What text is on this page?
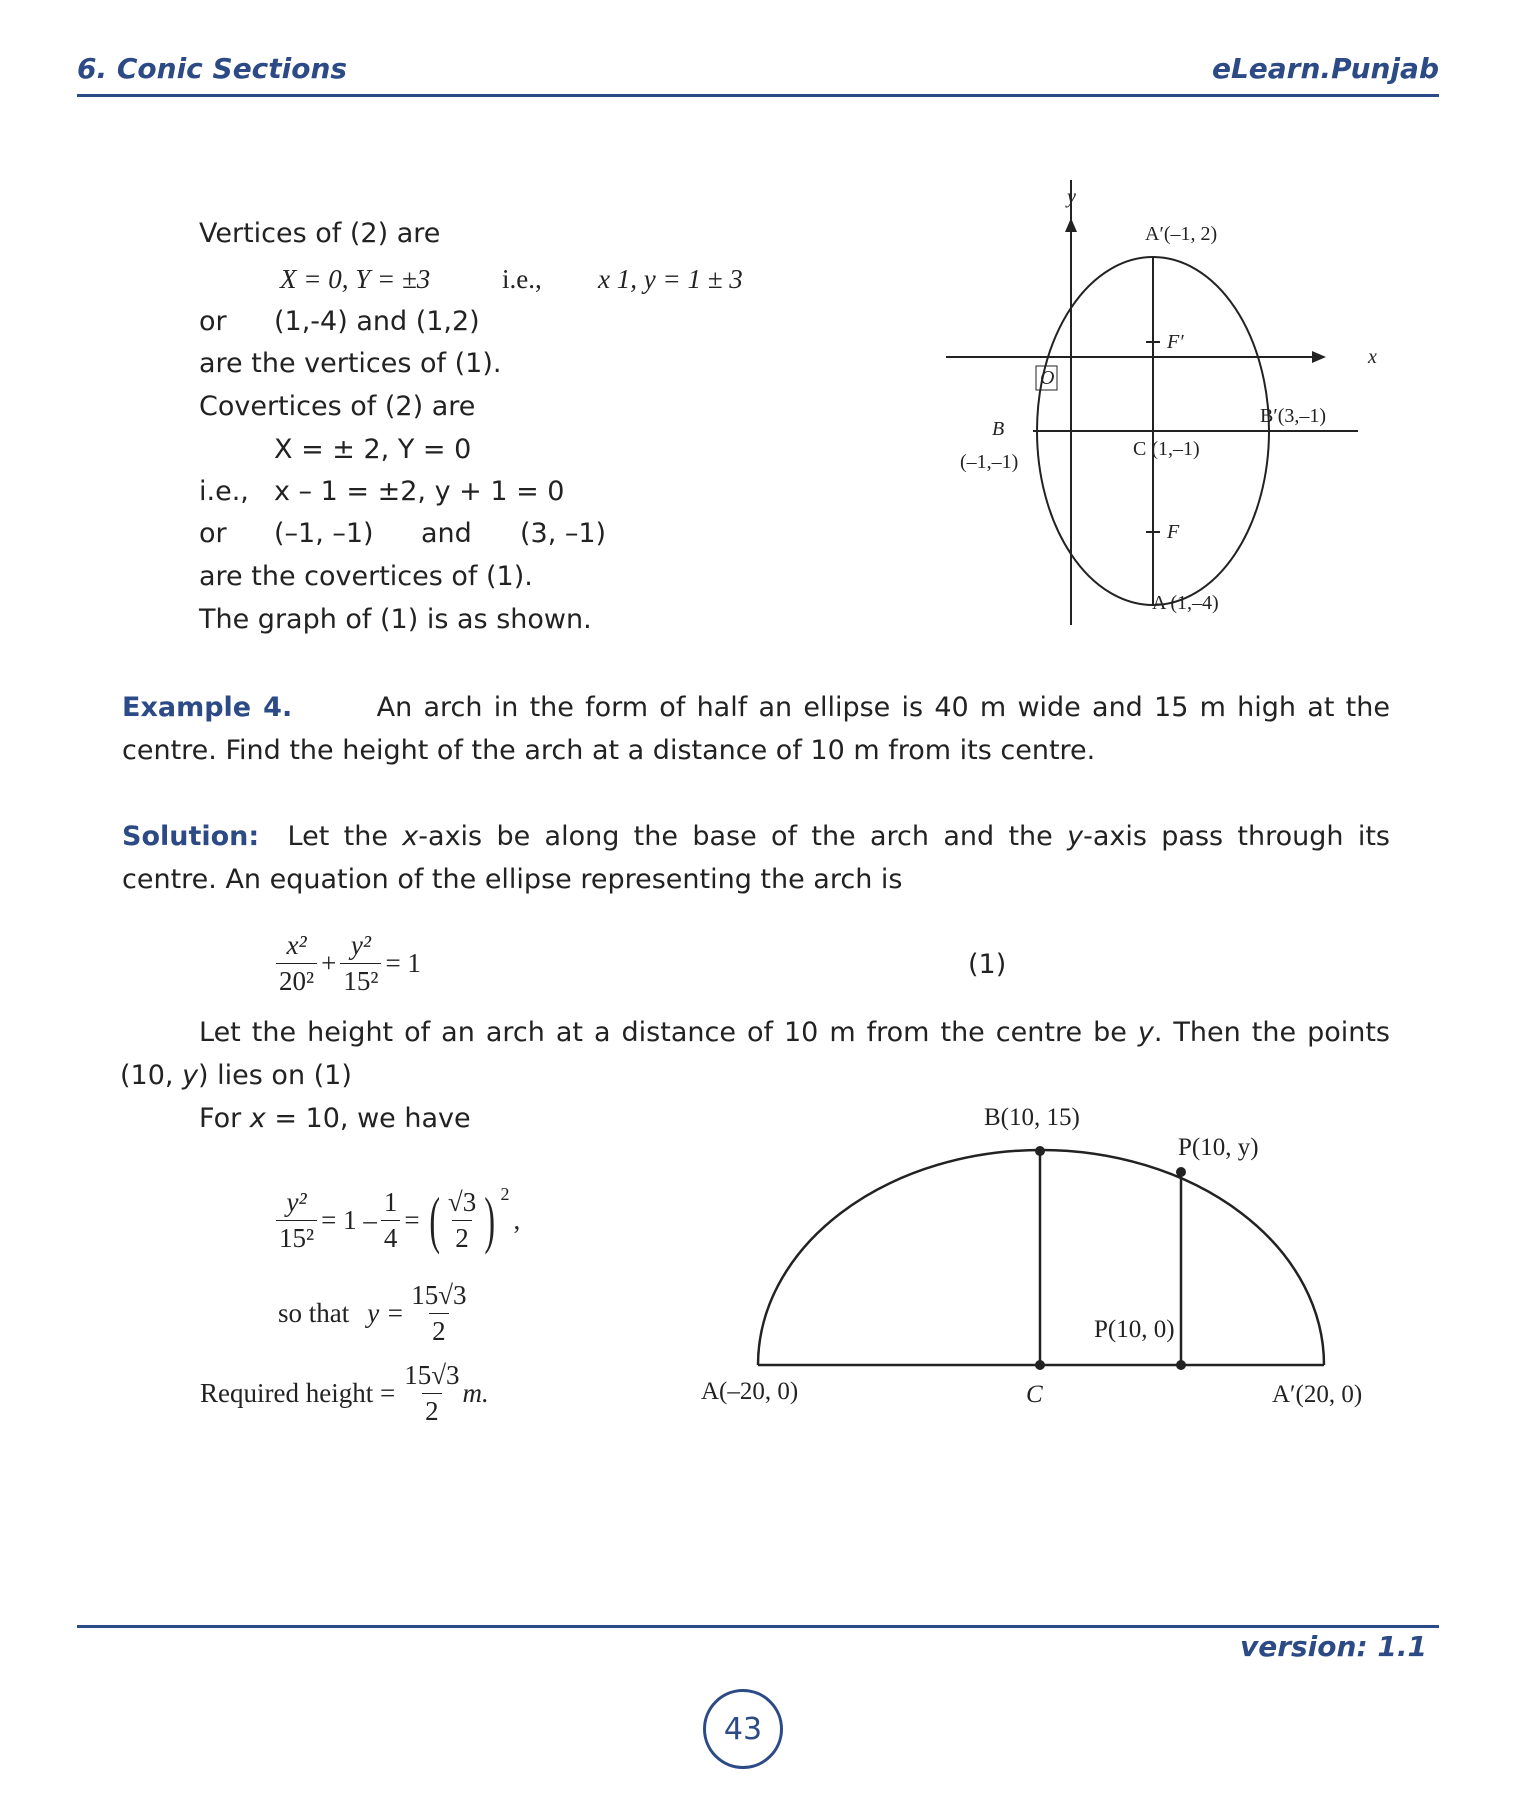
6. Conic Sections	eLearn.Punjab
Vertices of (2) are
X = 0, Y = ±3	i.e., x 1, y = 1 ± 3
or (1,-4) and (1,2)
are the vertices of (1).
Covertices of (2) are
X = ± 2, Y = 0
i.e., x – 1 = ±2, y + 1 = 0
or (–1, –1) and (3, –1)
are the covertices of (1).
The graph of (1) is as shown.
y
x
O
A′(–1, 2)
F′
B
(–1,–1)
B′(3,–1)
C (1,–1)
F
A (1,–4)
Example 4.	An arch in the form of half an ellipse is 40 m wide and 15 m high at the centre. Find the height of the arch at a distance of 10 m from its centre.
Solution: Let the x-axis be along the base of the arch and the y-axis pass through its centre. An equation of the ellipse representing the arch is
$\frac{\text{x²}}{\text{20²}} + \frac{\text{y²}}{\text{15²}} = 1$	(1)
Let the height of an arch at a distance of 10 m from the centre be y. Then the points
(10, y) lies on (1)
For x = 10, we have
$\frac{\text{y²}}{\text{15²}} = 1 - \frac{1}{4}$ = ( $\frac{√3}{2}$ ) 2
,
so that $y = \frac{15√3}{2}$
Required height = $\frac{15√3}{2} m$.
B(10, 15)
P(10, y)
P(10, 0)
A(–20, 0)	C	A′(20, 0)
version: 1.1
43
